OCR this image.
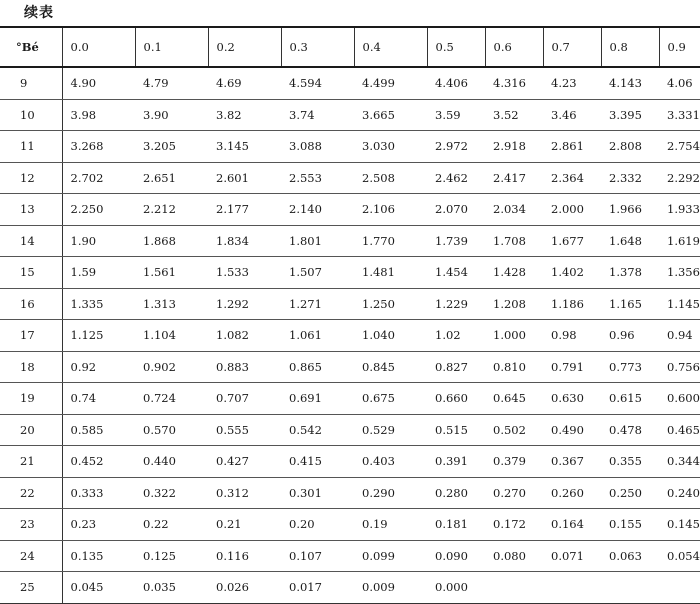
续表
°Bé	0.0	0.1	0.2	0.3	0.4	0.5	0.6	0.7	0.8	0.9
9	4.90	4.79	4.69	4.594	4.499	4.406	4.316	4.23	4.143	4.06
10	3.98	3.90	3.82	3.74	3.665	3.59	3.52	3.46	3.395	3.331
11	3.268	3.205	3.145	3.088	3.030	2.972	2.918	2.861	2.808	2.754
12	2.702	2.651	2.601	2.553	2.508	2.462	2.417	2.364	2.332	2.292
13	2.250	2.212	2.177	2.140	2.106	2.070	2.034	2.000	1.966	1.933
14	1.90	1.868	1.834	1.801	1.770	1.739	1.708	1.677	1.648	1.619
15	1.59	1.561	1.533	1.507	1.481	1.454	1.428	1.402	1.378	1.356
16	1.335	1.313	1.292	1.271	1.250	1.229	1.208	1.186	1.165	1.145
17	1.125	1.104	1.082	1.061	1.040	1.02	1.000	0.98	0.96	0.94
18	0.92	0.902	0.883	0.865	0.845	0.827	0.810	0.791	0.773	0.756
19	0.74	0.724	0.707	0.691	0.675	0.660	0.645	0.630	0.615	0.600
20	0.585	0.570	0.555	0.542	0.529	0.515	0.502	0.490	0.478	0.465
21	0.452	0.440	0.427	0.415	0.403	0.391	0.379	0.367	0.355	0.344
22	0.333	0.322	0.312	0.301	0.290	0.280	0.270	0.260	0.250	0.240
23	0.23	0.22	0.21	0.20	0.19	0.181	0.172	0.164	0.155	0.145
24	0.135	0.125	0.116	0.107	0.099	0.090	0.080	0.071	0.063	0.054
25	0.045	0.035	0.026	0.017	0.009	0.000				
